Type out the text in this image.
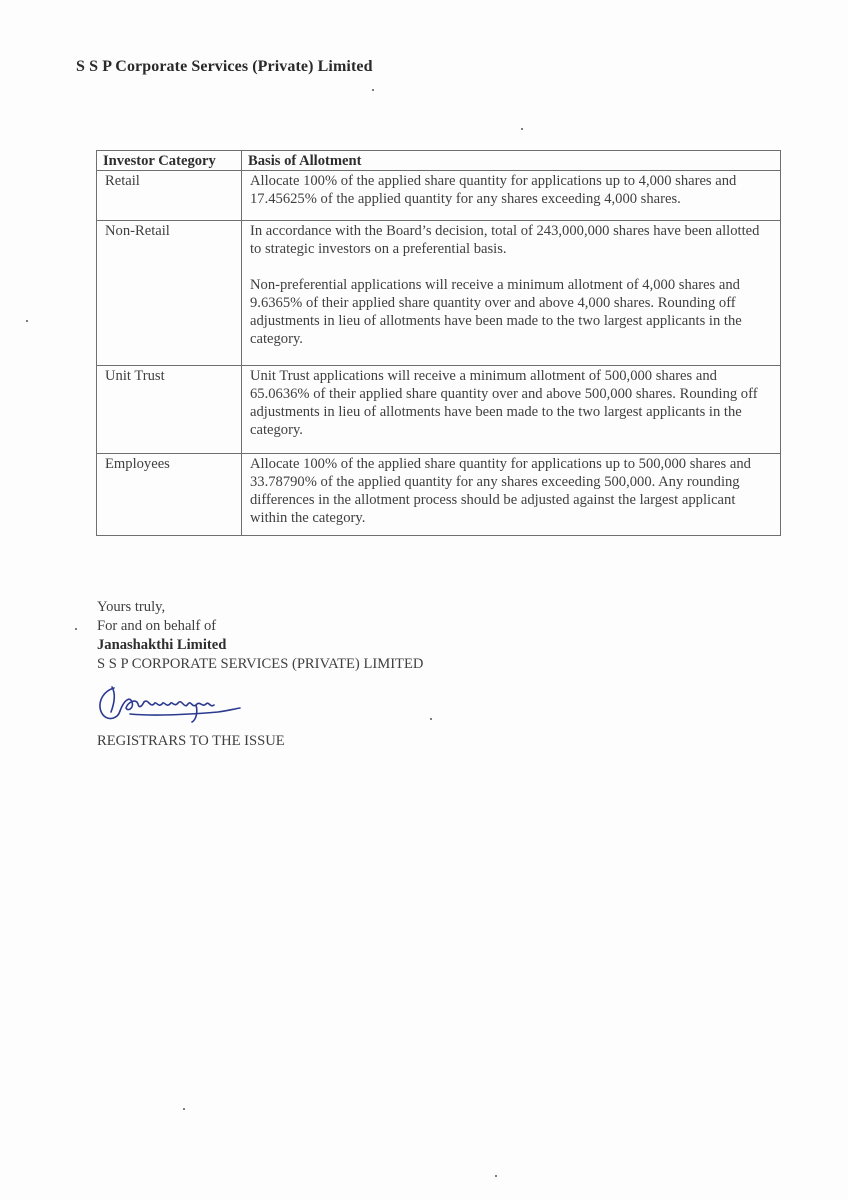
S S P Corporate Services (Private) Limited
Investor Category	Basis of Allotment
Retail	Allocate 100% of the applied share quantity for applications up to 4,000 shares and 17.45625% of the applied quantity for any shares exceeding 4,000 shares.

Non-Retail	In accordance with the Board’s decision, total of 243,000,000 shares have been allotted to strategic investors on a preferential basis.

Non-preferential applications will receive a minimum allotment of 4,000 shares and 9.6365% of their applied share quantity over and above 4,000 shares. Rounding off adjustments in lieu of allotments have been made to the two largest applicants in the category.

Unit Trust	Unit Trust applications will receive a minimum allotment of 500,000 shares and 65.0636% of their applied share quantity over and above 500,000 shares. Rounding off adjustments in lieu of allotments have been made to the two largest applicants in the category.

Employees	Allocate 100% of the applied share quantity for applications up to 500,000 shares and 33.78790% of the applied quantity for any shares exceeding 500,000. Any rounding differences in the allotment process should be adjusted against the largest applicant within the category.

Yours truly,
For and on behalf of
Janashakthi Limited
S S P CORPORATE SERVICES (PRIVATE) LIMITED
REGISTRARS TO THE ISSUE
